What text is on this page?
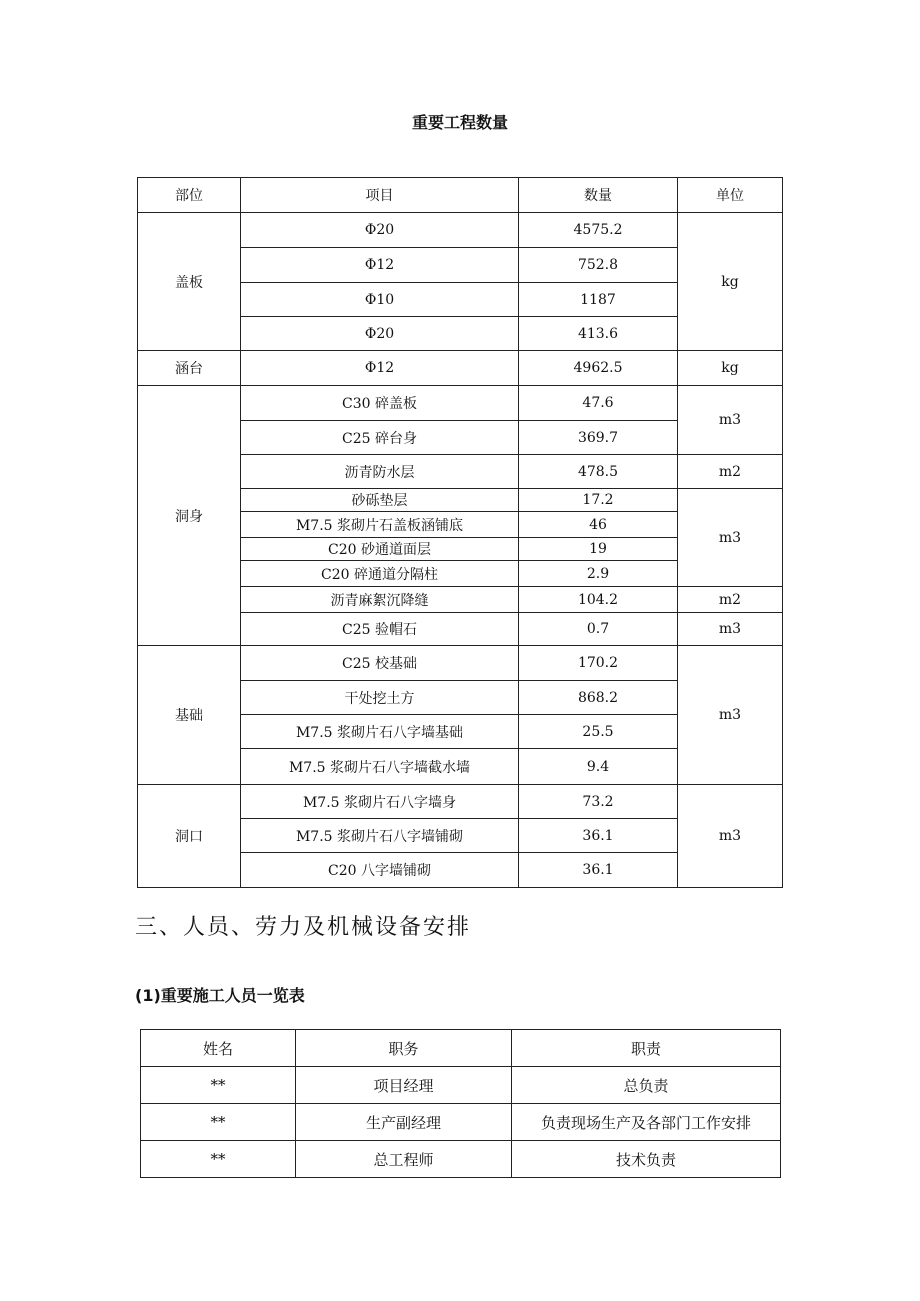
重要工程数量
部位	项目	数量	单位
盖板	Φ20	4575.2	kg
	Φ12	752.8	
	Φ10	1187	
	Φ20	413.6	
涵台	Φ12	4962.5	kg
洞身	C30 碎盖板	47.6	m3
	C25 碎台身	369.7	
	沥青防水层	478.5	m2
	砂砾垫层	17.2	m3
	M7.5 浆砌片石盖板涵铺底	46	
	C20 砂通道面层	19	
	C20 碎通道分隔柱	2.9	
	沥青麻絮沉降缝	104.2	m2
	C25 验帽石	0.7	m3
基础	C25 校基础	170.2	m3
	干处挖土方	868.2	
	M7.5 浆砌片石八字墙基础	25.5	
	M7.5 浆砌片石八字墙截水墙	9.4	
洞口	M7.5 浆砌片石八字墙身	73.2	m3
	M7.5 浆砌片石八字墙铺砌	36.1	
	C20 八字墙铺砌	36.1	
三、人员、劳力及机械设备安排
(1)重要施工人员一览表
姓名	职务	职责
**	项目经理	总负责
**	生产副经理	负责现场生产及各部门工作安排
**	总工程师	技术负责
